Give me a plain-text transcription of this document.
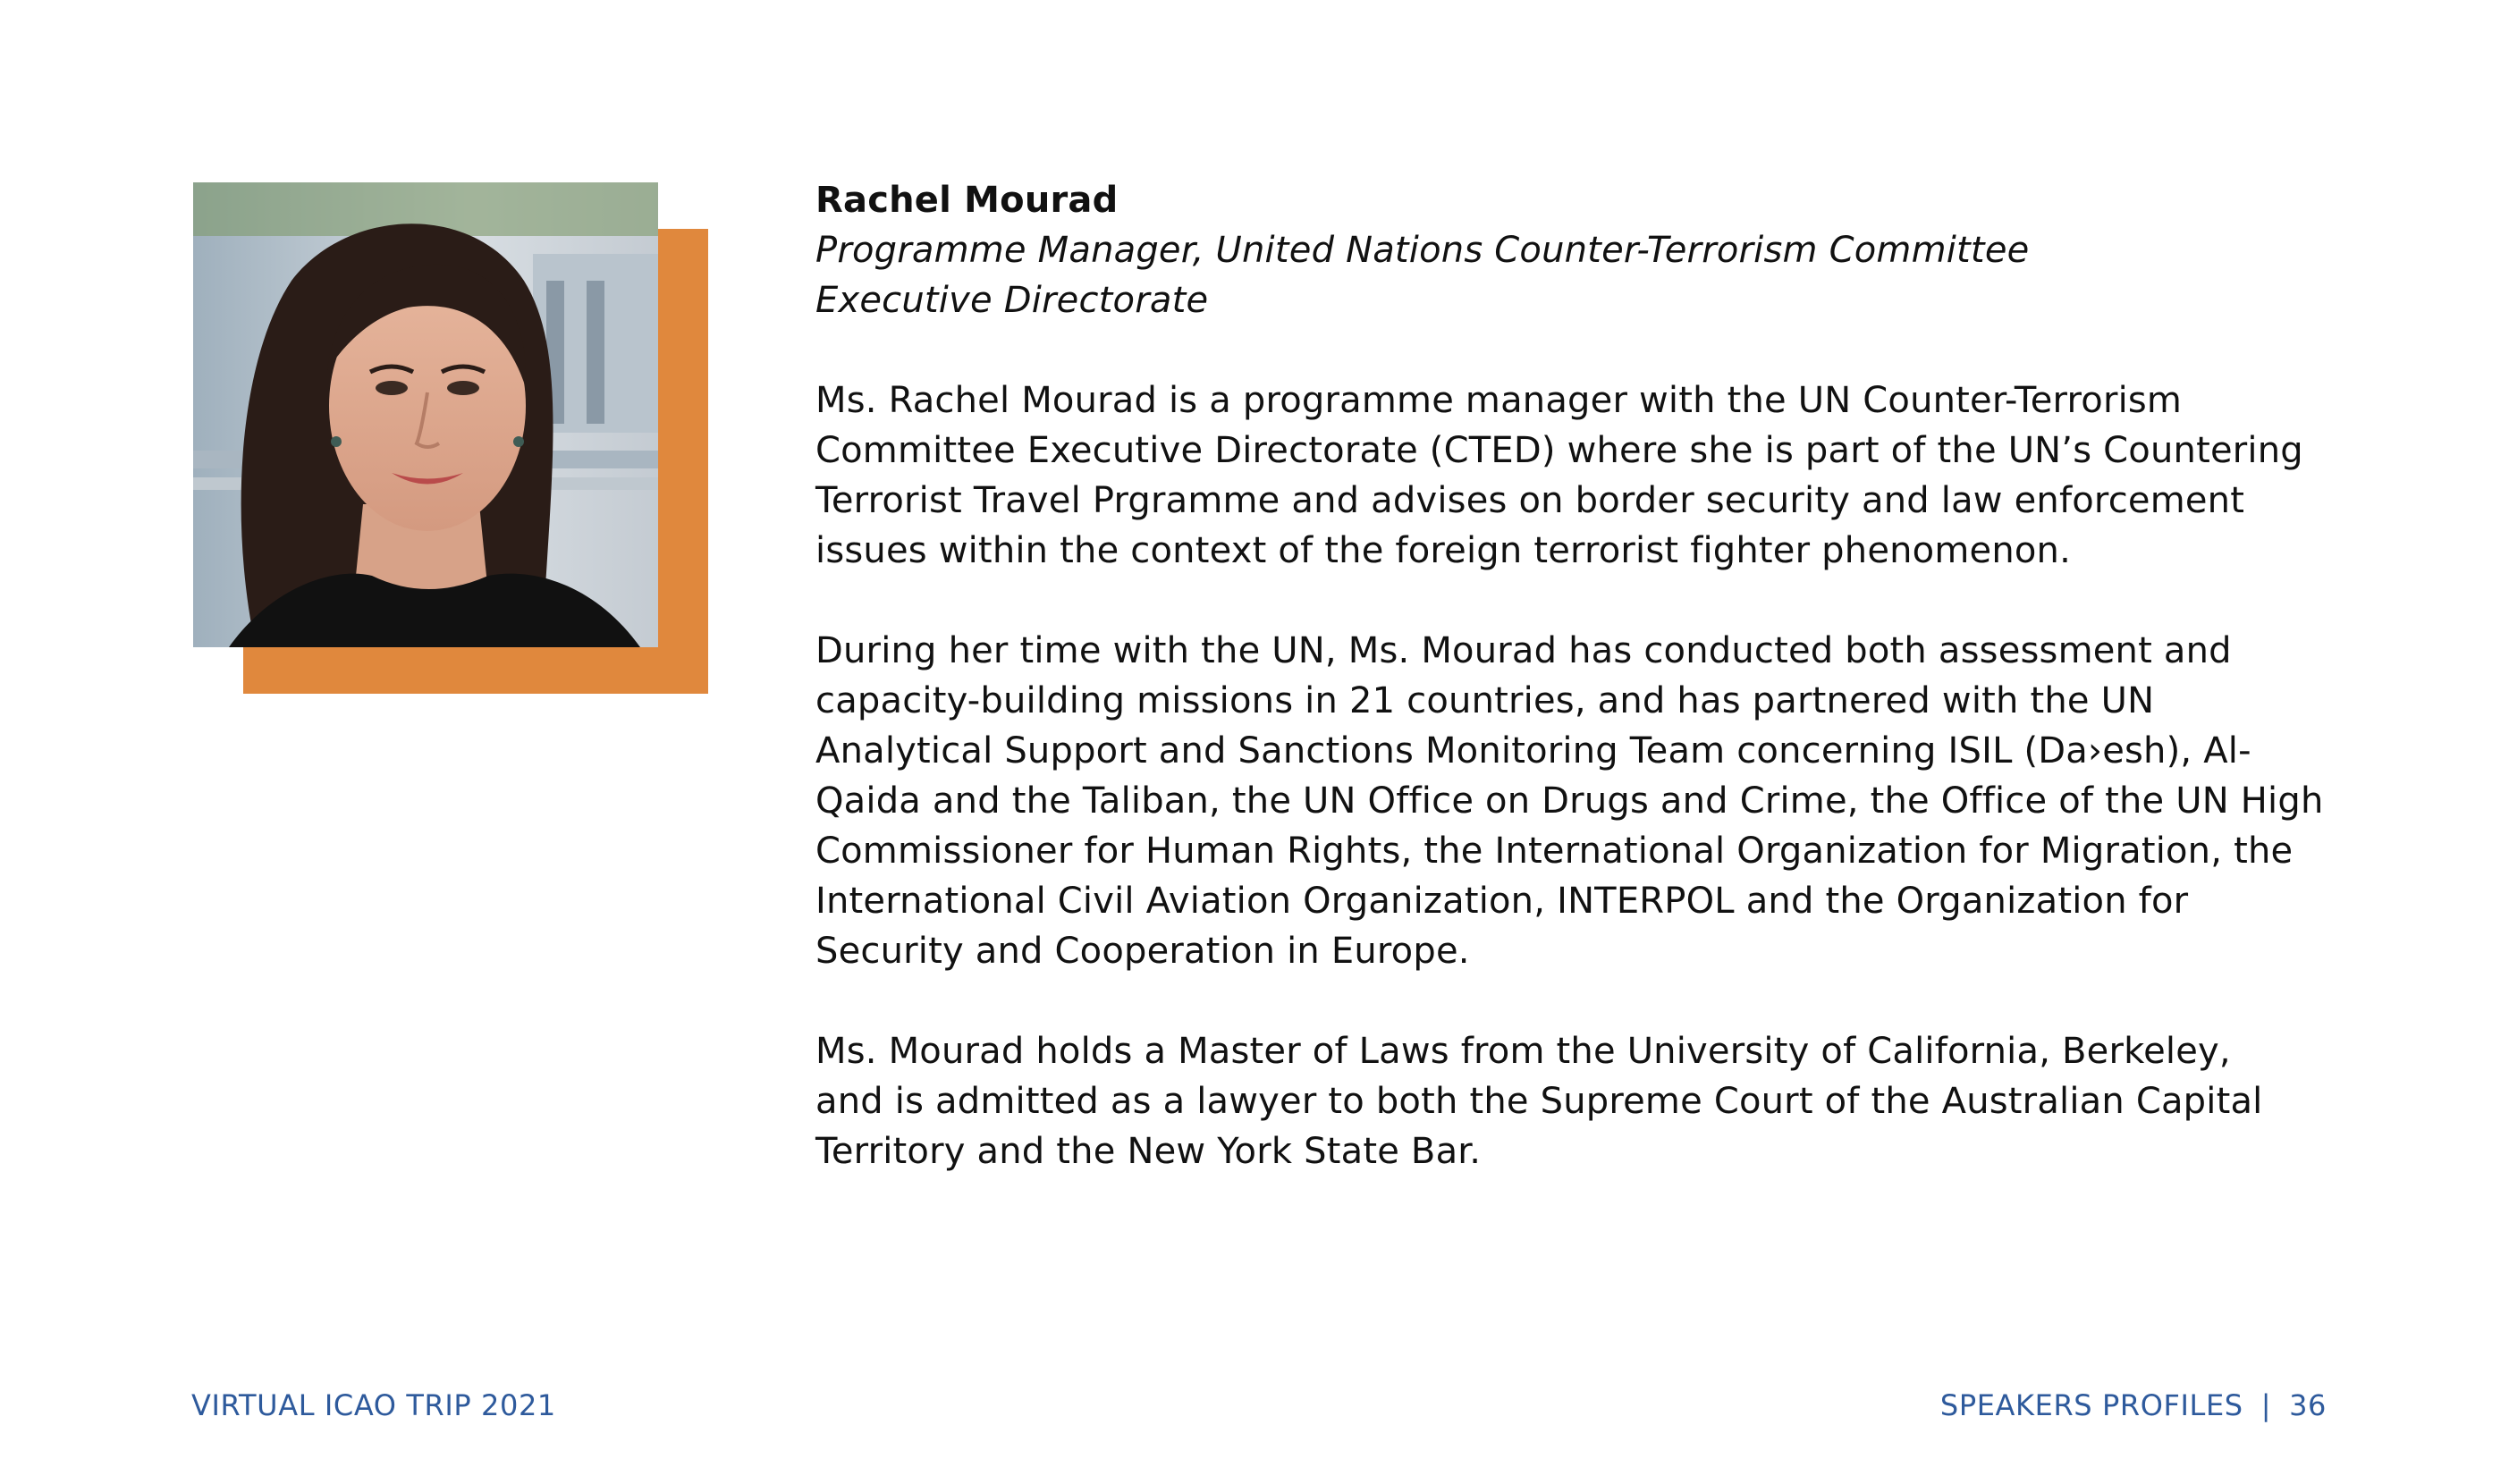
Rachel Mourad

Programme Manager, United Nations Counter-Terrorism Committee Executive Directorate

Ms. Rachel Mourad is a programme manager with the UN Counter-Terrorism Committee Executive Directorate (CTED) where she is part of the UN’s Countering Terrorist Travel Prgramme and advises on border security and law enforcement issues within the context of the foreign terrorist fighter phenomenon.

During her time with the UN, Ms. Mourad has conducted both assessment and capacity-building missions in 21 countries, and has partnered with the UN Analytical Support and Sanctions Monitoring Team concerning ISIL (Da›esh), Al-Qaida and the Taliban, the UN Office on Drugs and Crime, the Office of the UN High Commissioner for Human Rights, the International Organization for Migration, the International Civil Aviation Organization, INTERPOL and the Organization for Security and Cooperation in Europe.

Ms. Mourad holds a Master of Laws from the University of California, Berkeley, and is admitted as a lawyer to both the Supreme Court of the Australian Capital Territory and the New York State Bar.

VIRTUAL ICAO TRIP 2021	SPEAKERS PROFILES | 36
